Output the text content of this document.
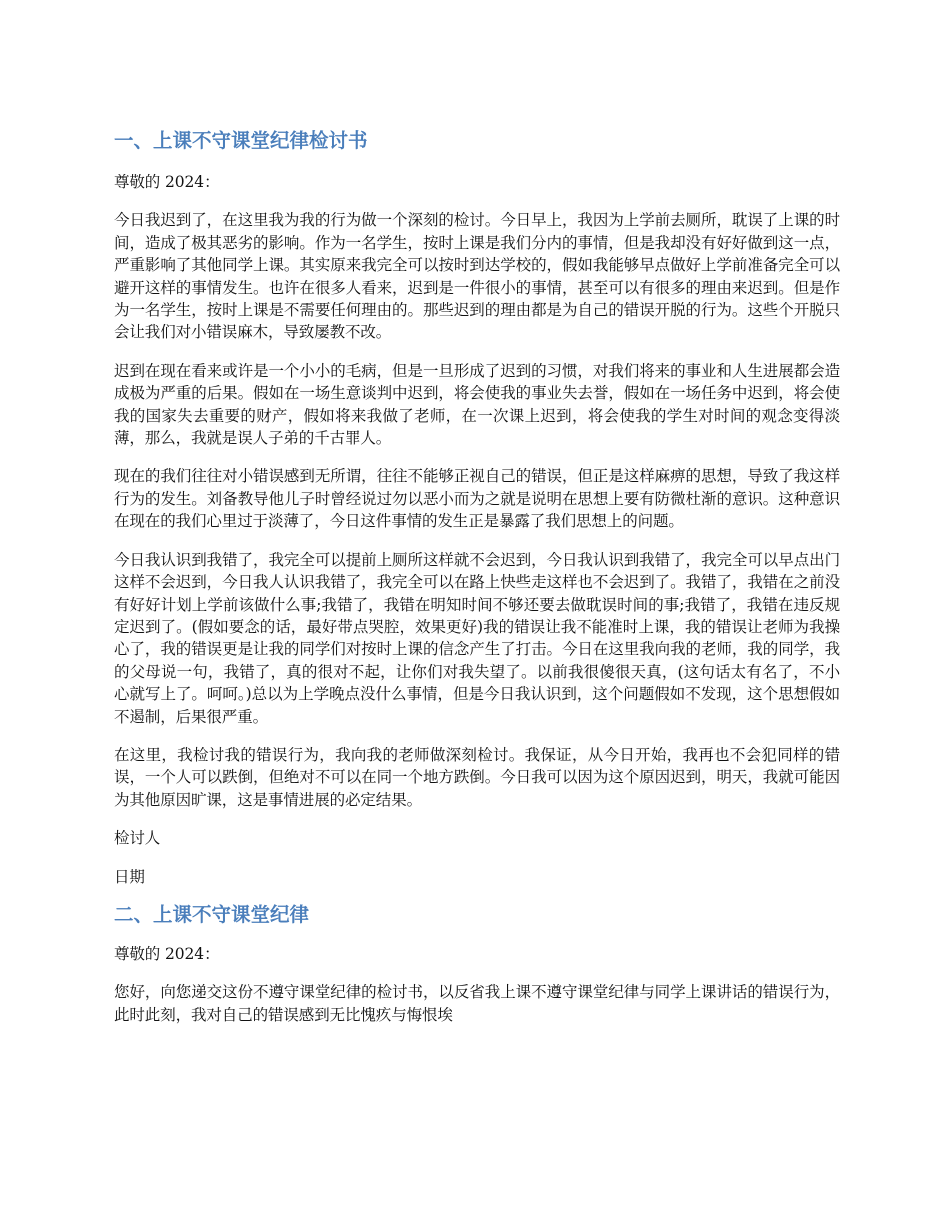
一、上课不守课堂纪律检讨书

尊敬的 2024：

今日我迟到了，在这里我为我的行为做一个深刻的检讨。今日早上，我因为上学前去厕所，耽误了上课的时间，造成了极其恶劣的影响。作为一名学生，按时上课是我们分内的事情，但是我却没有好好做到这一点，严重影响了其他同学上课。其实原来我完全可以按时到达学校的，假如我能够早点做好上学前准备完全可以避开这样的事情发生。也许在很多人看来，迟到是一件很小的事情，甚至可以有很多的理由来迟到。但是作为一名学生，按时上课是不需要任何理由的。那些迟到的理由都是为自己的错误开脱的行为。这些个开脱只会让我们对小错误麻木，导致屡教不改。

迟到在现在看来或许是一个小小的毛病，但是一旦形成了迟到的习惯，对我们将来的事业和人生进展都会造成极为严重的后果。假如在一场生意谈判中迟到，将会使我的事业失去誉，假如在一场任务中迟到，将会使我的国家失去重要的财产，假如将来我做了老师，在一次课上迟到，将会使我的学生对时间的观念变得淡薄，那么，我就是误人子弟的千古罪人。

现在的我们往往对小错误感到无所谓，往往不能够正视自己的错误，但正是这样麻痹的思想，导致了我这样行为的发生。刘备教导他儿子时曾经说过勿以恶小而为之就是说明在思想上要有防微杜渐的意识。这种意识在现在的我们心里过于淡薄了，今日这件事情的发生正是暴露了我们思想上的问题。

今日我认识到我错了，我完全可以提前上厕所这样就不会迟到，今日我认识到我错了，我完全可以早点出门这样不会迟到，今日我人认识我错了，我完全可以在路上快些走这样也不会迟到了。我错了，我错在之前没有好好计划上学前该做什么事;我错了，我错在明知时间不够还要去做耽误时间的事;我错了，我错在违反规定迟到了。(假如要念的话，最好带点哭腔，效果更好)我的错误让我不能准时上课，我的错误让老师为我操心了，我的错误更是让我的同学们对按时上课的信念产生了打击。今日在这里我向我的老师，我的同学，我的父母说一句，我错了，真的很对不起，让你们对我失望了。以前我很傻很天真，(这句话太有名了，不小心就写上了。呵呵。)总以为上学晚点没什么事情，但是今日我认识到，这个问题假如不发现，这个思想假如不遏制，后果很严重。

在这里，我检讨我的错误行为，我向我的老师做深刻检讨。我保证，从今日开始，我再也不会犯同样的错误，一个人可以跌倒，但绝对不可以在同一个地方跌倒。今日我可以因为这个原因迟到，明天，我就可能因为其他原因旷课，这是事情进展的必定结果。

检讨人

日期

二、上课不守课堂纪律

尊敬的 2024：

您好，向您递交这份不遵守课堂纪律的检讨书，以反省我上课不遵守课堂纪律与同学上课讲话的错误行为，此时此刻，我对自己的错误感到无比愧疚与悔恨埃
